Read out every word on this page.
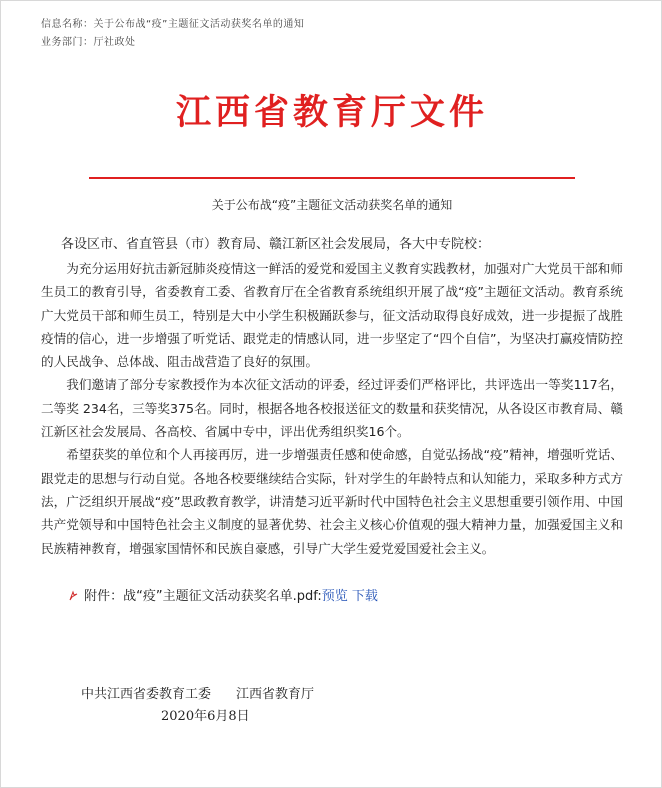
信息名称：关于公布战“疫”主题征文活动获奖名单的通知
业务部门：厅社政处
江西省教育厅文件
关于公布战“疫”主题征文活动获奖名单的通知
各设区市、省直管县（市）教育局、赣江新区社会发展局，各大中专院校：

为充分运用好抗击新冠肺炎疫情这一鲜活的爱党和爱国主义教育实践教材，加强对广大党员干部和师生员工的教育引导，省委教育工委、省教育厅在全省教育系统组织开展了战“疫”主题征文活动。教育系统广大党员干部和师生员工，特别是大中小学生积极踊跃参与，征文活动取得良好成效，进一步提振了战胜疫情的信心，进一步增强了听党话、跟党走的情感认同，进一步坚定了“四个自信”，为坚决打赢疫情防控的人民战争、总体战、阻击战营造了良好的氛围。

我们邀请了部分专家教授作为本次征文活动的评委，经过评委们严格评比，共评选出一等奖117名，二等奖 234名，三等奖375名。同时，根据各地各校报送征文的数量和获奖情况，从各设区市教育局、赣江新区社会发展局、各高校、省属中专中，评出优秀组织奖16个。

希望获奖的单位和个人再接再厉，进一步增强责任感和使命感，自觉弘扬战“疫”精神，增强听党话、跟党走的思想与行动自觉。各地各校要继续结合实际，针对学生的年龄特点和认知能力，采取多种方式方法，广泛组织开展战“疫”思政教育教学，讲清楚习近平新时代中国特色社会主义思想重要引领作用、中国共产党领导和中国特色社会主义制度的显著优势、社会主义核心价值观的强大精神力量，加强爱国主义和民族精神教育，增强家国情怀和民族自豪感，引导广大学生爱党爱国爱社会主义。

附件：战“疫”主题征文活动获奖名单.pdf:预览 下载
中共江西省委教育工委 江西省教育厅
2020年6月8日
